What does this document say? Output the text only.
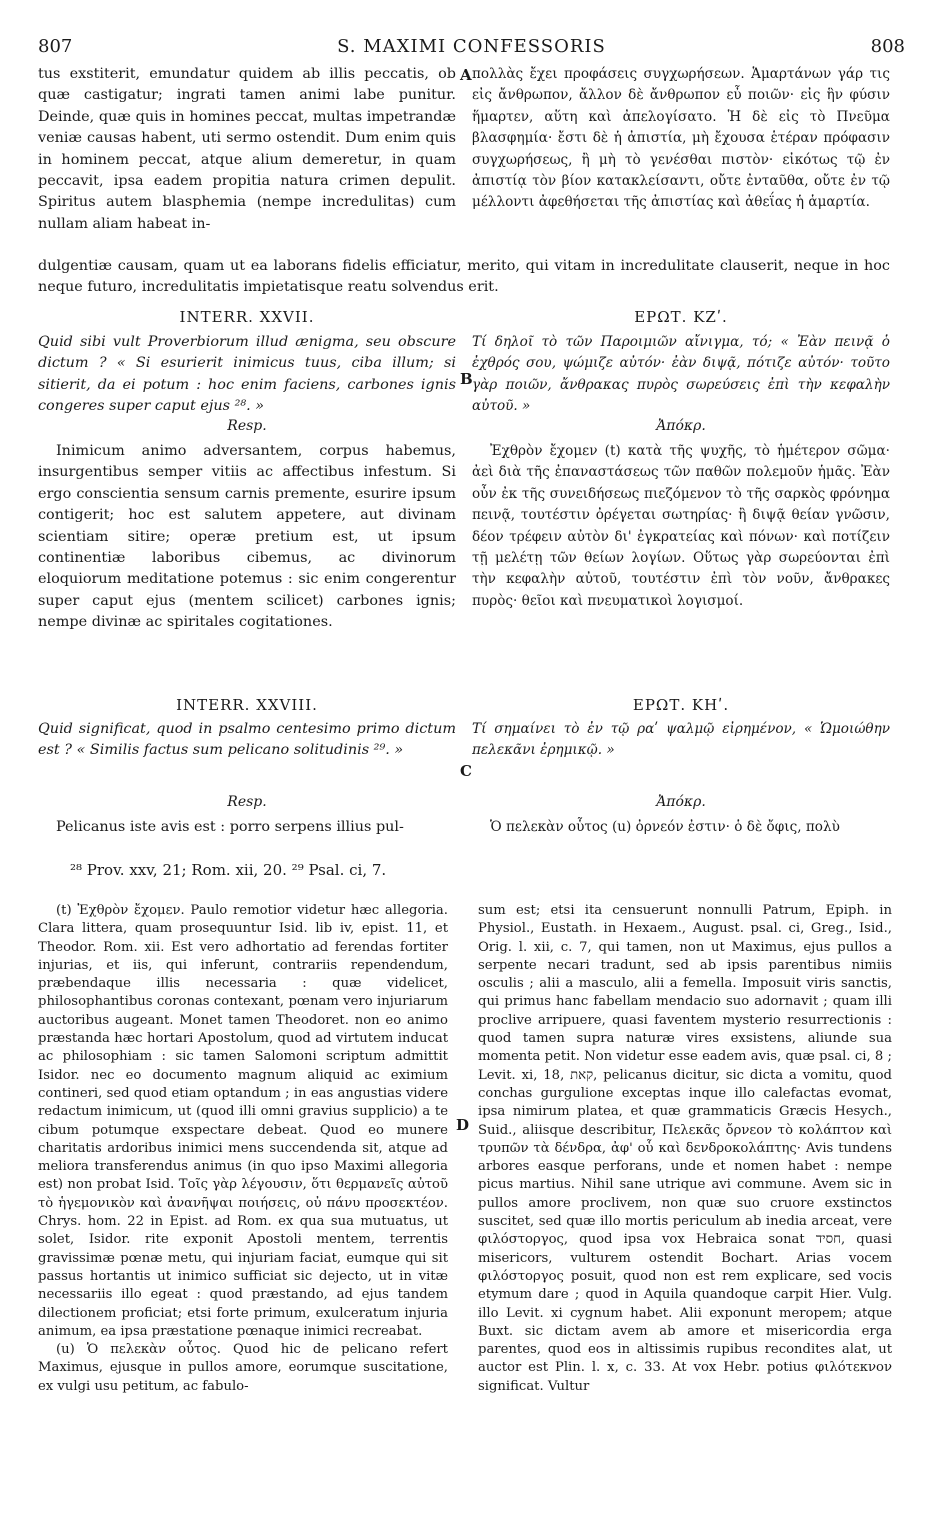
807	S. MAXIMI CONFESSORIS	808
A
B
C
D
tus exstiterit, emundatur quidem ab illis peccatis, ob quæ castigatur; ingrati tamen animi labe punitur. Deinde, quæ quis in homines peccat, multas impetrandæ veniæ causas habent, uti sermo ostendit. Dum enim quis in hominem peccat, atque alium demeretur, in quam peccavit, ipsa eadem propitia natura crimen depulit. Spiritus autem blasphemia (nempe incredulitas) cum nullam aliam habeat in-
πολλὰς ἔχει προφάσεις συγχωρήσεων. Ἁμαρτάνων γάρ τις εἰς ἄνθρωπον, ἄλλον δὲ ἄνθρωπον εὖ ποιῶν· εἰς ἣν φύσιν ἥμαρτεν, αὕτη καὶ ἀπελογίσατο. Ἡ δὲ εἰς τὸ Πνεῦμα βλασφημία· ἔστι δὲ ἡ ἀπιστία, μὴ ἔχουσα ἑτέραν πρόφασιν συγχωρήσεως, ἢ μὴ τὸ γενέσθαι πιστὸν· εἰκότως τῷ ἐν ἀπιστίᾳ τὸν βίον κατακλείσαντι, οὔτε ἐνταῦθα, οὔτε ἐν τῷ μέλλοντι ἀφεθήσεται τῆς ἀπιστίας καὶ ἀθεΐας ἡ ἁμαρτία.
dulgentiæ causam, quam ut ea laborans fidelis efficiatur, merito, qui vitam in incredulitate clauserit, neque in hoc neque futuro, incredulitatis impietatisque reatu solvendus erit.
INTERR. XXVII.	ΕΡΩΤ. ΚΖʹ.
Quid sibi vult Proverbiorum illud ænigma, seu obscure dictum ? « Si esurierit inimicus tuus, ciba illum; si sitierit, da ei potum : hoc enim faciens, carbones ignis congeres super caput ejus ²⁸. »
Τί δηλοῖ τὸ τῶν Παροιμιῶν αἴνιγμα, τό; « Ἐὰν πεινᾷ ὁ ἐχθρός σου, ψώμιζε αὐτόν· ἐὰν διψᾷ, πότιζε αὐτόν· τοῦτο γὰρ ποιῶν, ἄνθρακας πυρὸς σωρεύσεις ἐπὶ τὴν κεφαλὴν αὐτοῦ. »
Resp.	Ἀπόκρ.
Inimicum animo adversantem, corpus habemus, insurgentibus semper vitiis ac affectibus infestum. Si ergo conscientia sensum carnis premente, esurire ipsum contigerit; hoc est salutem appetere, aut divinam scientiam sitire; operæ pretium est, ut ipsum continentiæ laboribus cibemus, ac divinorum eloquiorum meditatione potemus : sic enim congerentur super caput ejus (mentem scilicet) carbones ignis; nempe divinæ ac spiritales cogitationes.
Ἐχθρὸν ἔχομεν (t) κατὰ τῆς ψυχῆς, τὸ ἡμέτερον σῶμα· ἀεὶ διὰ τῆς ἐπαναστάσεως τῶν παθῶν πολεμοῦν ἡμᾶς. Ἐὰν οὖν ἐκ τῆς συνειδήσεως πιεζόμενον τὸ τῆς σαρκὸς φρόνημα πεινᾷ, τουτέστιν ὀρέγεται σωτηρίας· ἢ διψᾷ θείαν γνῶσιν, δέον τρέφειν αὐτὸν δι' ἐγκρατείας καὶ πόνων· καὶ ποτίζειν τῇ μελέτῃ τῶν θείων λογίων. Οὕτως γὰρ σωρεύονται ἐπὶ τὴν κεφαλὴν αὐτοῦ, τουτέστιν ἐπὶ τὸν νοῦν, ἄνθρακες πυρὸς· θεῖοι καὶ πνευματικοὶ λογισμοί.
INTERR. XXVIII.	ΕΡΩΤ. ΚΗʹ.
Quid significat, quod in psalmo centesimo primo dictum est ? « Similis factus sum pelicano solitudinis ²⁹. »
Τί σημαίνει τὸ ἐν τῷ ραʹ ψαλμῷ εἰρημένον, « Ὡμοιώθην πελεκᾶνι ἐρημικῷ. »
Resp.	Ἀπόκρ.
Pelicanus iste avis est : porro serpens illius pul-	Ὁ πελεκὰν οὗτος (u) ὀρνεόν ἐστιν· ὁ δὲ ὄφις, πολὺ
²⁸ Prov. xxv, 21; Rom. xii, 20. ²⁹ Psal. ci, 7.

(t) Ἐχθρὸν ἔχομεν. Paulo remotior videtur hæc allegoria. Clara littera, quam prosequuntur Isid. lib iv, epist. 11, et Theodor. Rom. xii. Est vero adhortatio ad ferendas fortiter injurias, et iis, qui inferunt, contrariis rependendum, præbendaque illis necessaria : quæ videlicet, philosophantibus coronas contexant, pœnam vero injuriarum auctoribus augeant. Monet tamen Theodoret. non eo animo præstanda hæc hortari Apostolum, quod ad virtutem inducat ac philosophiam : sic tamen Salomoni scriptum admittit Isidor. nec eo documento magnum aliquid ac eximium contineri, sed quod etiam optandum ; in eas angustias videre redactum inimicum, ut (quod illi omni gravius supplicio) a te cibum potumque exspectare debeat. Quod eo munere charitatis ardoribus inimici mens succendenda sit, atque ad meliora transferendus animus (in quo ipso Maximi allegoria est) non probat Isid. Τοῖς γὰρ λέγουσιν, ὅτι θερμανεῖς αὐτοῦ τὸ ἡγεμονικὸν καὶ ἀνανῆψαι ποιήσεις, οὐ πάνυ προσεκτέον. Chrys. hom. 22 in Epist. ad Rom. ex qua sua mutuatus, ut solet, Isidor. rite exponit Apostoli mentem, terrentis gravissimæ pœnæ metu, qui injuriam faciat, eumque qui sit passus hortantis ut inimico sufficiat sic dejecto, ut in vitæ necessariis illo egeat : quod præstando, ad ejus tandem dilectionem proficiat; etsi forte primum, exulceratum injuria animum, ea ipsa præstatione pœnaque inimici recreabat.

(u) Ὁ πελεκὰν οὗτος. Quod hic de pelicano refert Maximus, ejusque in pullos amore, eorumque suscitatione, ex vulgi usu petitum, ac fabulo-

sum est; etsi ita censuerunt nonnulli Patrum, Epiph. in Physiol., Eustath. in Hexaem., August. psal. ci, Greg., Isid., Orig. l. xii, c. 7, qui tamen, non ut Maximus, ejus pullos a serpente necari tradunt, sed ab ipsis parentibus nimiis osculis ; alii a masculo, alii a femella. Imposuit viris sanctis, qui primus hanc fabellam mendacio suo adornavit ; quam illi proclive arripuere, quasi faventem mysterio resurrectionis : quod tamen supra naturæ vires exsistens, aliunde sua momenta petit. Non videtur esse eadem avis, quæ psal. ci, 8 ; Levit. xi, 18, קאת, pelicanus dicitur, sic dicta a vomitu, quod conchas gurgulione exceptas inque illo calefactas evomat, ipsa nimirum platea, et quæ grammaticis Græcis Hesych., Suid., aliisque describitur, Πελεκᾶς ὄρνεον τὸ κολάπτον καὶ τρυπῶν τὰ δένδρα, ἀφ' οὗ καὶ δενδροκολάπτης· Avis tundens arbores easque perforans, unde et nomen habet : nempe picus martius. Nihil sane utrique avi commune. Avem sic in pullos amore proclivem, non quæ suo cruore exstinctos suscitet, sed quæ illo mortis periculum ab inedia arceat, vere φιλόστοργος, quod ipsa vox Hebraica sonat חסיד, quasi misericors, vulturem ostendit Bochart. Arias vocem φιλόστοργος posuit, quod non est rem explicare, sed vocis etymum dare ; quod in Aquila quandoque carpit Hier. Vulg. illo Levit. xi cygnum habet. Alii exponunt meropem; atque Buxt. sic dictam avem ab amore et misericordia erga parentes, quod eos in altissimis rupibus recondites alat, ut auctor est Plin. l. x, c. 33. At vox Hebr. potius φιλότεκνον significat. Vultur
